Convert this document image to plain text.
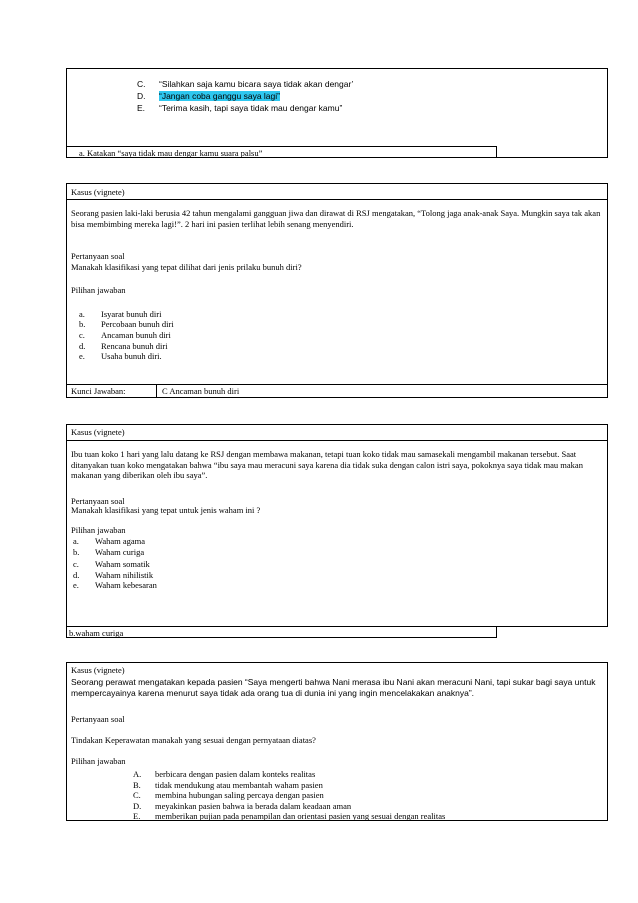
C. “Silahkan saja kamu bicara saya tidak akan dengar’
D. “Jangan coba ganggu saya lagi”
E. “Terima kasih, tapi saya tidak mau dengar kamu”
a. Katakan “saya tidak mau dengar kamu suara palsu”
Kasus (vignete)
Seorang pasien laki-laki berusia 42 tahun mengalami gangguan jiwa dan dirawat di RSJ mengatakan, “Tolong jaga anak-anak Saya. Mungkin saya tak akan bisa membimbing mereka lagi!”. 2 hari ini pasien terlihat lebih senang menyendiri.
Pertanyaan soal
Manakah klasifikasi yang tepat dilihat dari jenis prilaku bunuh diri?
Pilihan jawaban
a. Isyarat bunuh diri
b. Percobaan bunuh diri
c. Ancaman bunuh diri
d. Rencana bunuh diri
e. Usaha bunuh diri.
Kunci Jawaban:	C Ancaman bunuh diri
Kasus (vignete)
Ibu tuan koko 1 hari yang lalu datang ke RSJ dengan membawa makanan, tetapi tuan koko tidak mau samasekali mengambil makanan tersebut. Saat ditanyakan tuan koko mengatakan bahwa “ibu saya mau meracuni saya karena dia tidak suka dengan calon istri saya, pokoknya saya tidak mau makan makanan yang diberikan oleh ibu saya”.
Pertanyaan soal
Manakah klasifikasi yang tepat untuk jenis waham ini ?
Pilihan jawaban
a. Waham agama
b. Waham curiga
c. Waham somatik
d. Waham nihilistik
e. Waham kebesaran
b.waham curiga
Kasus (vignete)
Seorang perawat mengatakan kepada pasien “Saya mengerti bahwa Nani merasa ibu Nani akan meracuni Nani, tapi sukar bagi saya untuk mempercayainya karena menurut saya tidak ada orang tua di dunia ini yang ingin mencelakakan anaknya”.
Pertanyaan soal
Tindakan Keperawatan manakah yang sesuai dengan pernyataan diatas?
Pilihan jawaban
A. berbicara dengan pasien dalam konteks realitas
B. tidak mendukung atau membantah waham pasien
C. membina hubungan saling percaya dengan pasien
D. meyakinkan pasien bahwa ia berada dalam keadaan aman
E. memberikan pujian pada penampilan dan orientasi pasien yang sesuai dengan realitas
